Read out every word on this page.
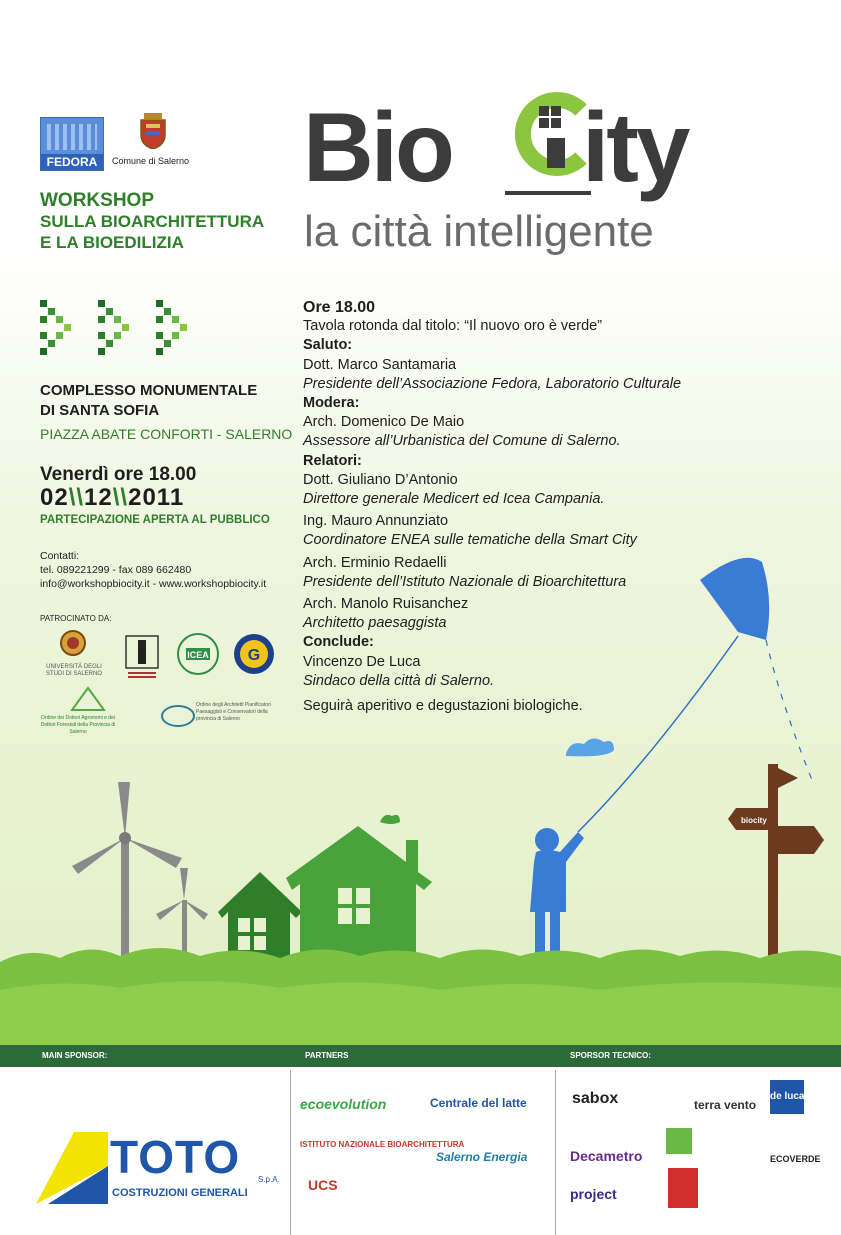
FEDORA	Comune di Salerno
WORKSHOP
SULLA BIOARCHITETTURA
E LA BIOEDILIZIA
Bio ity
la città intelligente
COMPLESSO MONUMENTALE
DI SANTA SOFIA
PIAZZA ABATE CONFORTI - SALERNO
Venerdì ore 18.00
02\\12\\2011
PARTECIPAZIONE APERTA AL PUBBLICO
Contatti:
tel. 089221299 - fax 089 662480
info@workshopbiocity.it - www.workshopbiocity.it
PATROCINATO DA:
UNIVERSITÀ DEGLI STUDI DI SALERNO
ICEA G
Ordine dei Dottori Agronomi e dei Dottori Forestali della Provincia di Salerno
Ordine degli Architetti Pianificatori Paesaggisti e Conservatori della provincia di Salerno
Ore 18.00
Tavola rotonda dal titolo: “Il nuovo oro è verde”
Saluto:
Dott. Marco Santamaria
Presidente dell’Associazione Fedora, Laboratorio Culturale
Modera:
Arch. Domenico De Maio
Assessore all’Urbanistica del Comune di Salerno.
Relatori:
Dott. Giuliano D’Antonio
Direttore generale Medicert ed Icea Campania.
Ing. Mauro Annunziato
Coordinatore ENEA sulle tematiche della Smart City
Arch. Erminio Redaelli
Presidente dell’Istituto Nazionale di Bioarchitettura
Arch. Manolo Ruisanchez
Architetto paesaggista
Conclude:
Vincenzo De Luca
Sindaco della città di Salerno.
Seguirà aperitivo e degustazioni biologiche.
biocity
MAIN SPONSOR:	PARTNERS	SPORSOR TECNICO:
TOTO S.p.A.
COSTRUZIONI GENERALI
ecoevolution	Centrale del latte
ISTITUTO NAZIONALE BIOARCHITETTURA
Salerno Energia
UCS
sabox	terra vento
de luca
Decametro	ECOVERDE
project
